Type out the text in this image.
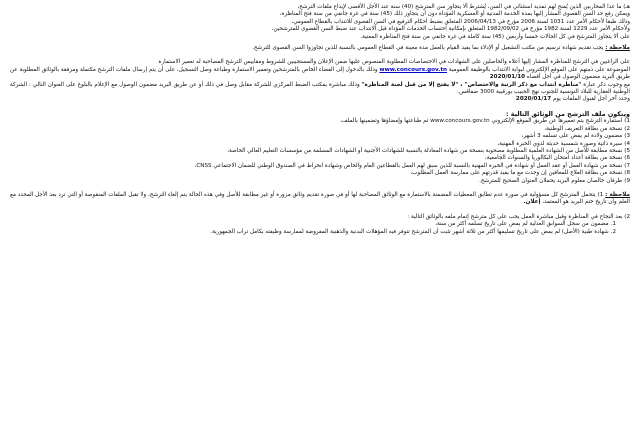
هـ) ما عدا المحاربين الذين يُمنح لهم تمديد استثنائي في السن، يُشترط ألا يتجاوز سن المترشح (40) سنة عند الأجل الأقصى لإيداع ملفات الترشح،

ويمكن رفع حد السن القصوى المشار إليها بمدة الخدمة المدنية أو العسكرية المؤداة دون أن يتجاوز ذلك (45) سنة في غرة جانفي من سنة فتح المناظرة،

وذلك طبقا لأحكام الأمر عدد 1031 لسنة 2006 مؤرخ في 2006/04/13 المتعلق بضبط أحكام الترفيع في السن القصوى للانتداب بالقطاع العمومي،

ولأحكام الأمر عدد 1229 لسنة 1982 مؤرخ في 1982/09/02 المتعلق بإمكانية احتساب الخدمات المؤداة قبل الانتداب عند ضبط السن القصوى للمترشحين،

على ألا يتجاوز المترشح في كل الحالات خمسا وأربعين (45) سنة كاملة في غرة جانفي من سنة فتح المناظرة المعنية.

ملاحظة : يجب تقديم شهادة ترسيم من مكتب التشغيل أو الإدلاء بما يفيد القيام بالعمل مدة معينة في القطاع العمومي بالنسبة للذين تجاوزوا السن القصوى للترشح.

على الراغبين في الترشح للمناظرة المشار إليها أعلاه والحاصلين على الشهادات في الاختصاصات المطلوبة المنصوص عليها ضمن الإعلان والمستجيبين للشروط ومقاييس الترشح المصاحبة له تعمير الاستمارة

الموضوعة على ذمتهم على الموقع الإلكتروني لبوابة الانتداب بالوظيفة العمومية www.concours.gov.tn وذلك بالدخول إلى الفضاء الخاص بالمترشحين وتعمير الاستمارة وطباعة وصل التسجيل، على أن يتم إرسال ملفات الترشح مكتملة ومرفقة بالوثائق المطلوبة عن طريق البريد مضمون الوصول في أجل أقصاه 2020/01/10

مع وجوب ذكر عبارة "مناظرة انتداب مع ذكر الرتبة والاختصاص" ، "لا يفتح إلا من قبل لجنة المناظرة" وذلك مباشرة بمكتب الضبط المركزي للشركة مقابل وصل في ذلك أو عن طريق البريد مضمون الوصول مع الإعلام بالبلوغ على العنوان التالي : الشركة الوطنية العقارية للبلاد التونسية للجنوب نهج الحبيب بورقيبة 3000 صفاقس.

وحدد آخر أجل لقبول الملفات يوم 2020/01/17

ويتكون ملف الترشح من الوثائق التالية :

1)استمارة الترشح يتم تعميرها عن طريق الموقع الإلكتروني www.concours.gov.tn ثم طباعتها وإمضاؤها وتضمينها بالملف،
2)نسخة من بطاقة التعريف الوطنية،
3)مضمون ولادة لم يمض على تسلمه 3 أشهر،
4)سيرة ذاتية وصورة شمسية حديثة لذوي الخبرة المهنية،
5)نسخة مطابقة للأصل من الشهادة العلمية المطلوبة مصحوبة بنسخة من شهادة المعادلة بالنسبة للشهادات الأجنبية أو الشهادات المسلمة من مؤسسات التعليم العالي الخاصة،
6)نسخة من بطاقة أعداد امتحان البكالوريا والسنوات الجامعية،
7)نسخة من شهادة العمل أو عقد العمل أو شهادة في الخبرة المهنية بالنسبة للذين سبق لهم العمل بالقطاعين العام والخاص وشهادة انخراط في الصندوق الوطني للضمان الاجتماعي CNSS،
8)نسخة من بطاقة العلاج للمعاقين إن وجدت مع ما يفيد قدرتهم على ممارسة العمل المطلوب،
9)ظرفان خالصان معلوم البريد يحملان العنوان الصحيح للمترشح.

ملاحظة : 1)يتحمل المترشح كل مسؤولية في صورة عدم تطابق المعطيات المضمنة بالاستمارة مع الوثائق المصاحبة لها أو في صورة تقديم وثائق مزورة أو غير مطابقة للأصل وفي هذه الحالة يتم إلغاء الترشح، ولا تقبل الملفات المنقوصة أو التي ترد بعد الأجل المحدد مع العلم وأن تاريخ ختم البريد هو المعتمد، إعلان.

2) بعد النجاح في المناظرة وقبل مباشرة العمل يجب على كل مترشح إتمام ملفه بالوثائق التالية :

1.مضمون من سجل السوابق العدلية لم يمض على تاريخ تسلمه أكثر من سنة،

2.شهادة طبية (الأصل) لم يمض على تاريخ تسليمها أكثر من ثلاثة أشهر تثبت أن المترشح تتوفر فيه المؤهلات البدنية والذهنية المفروضة لممارسة وظيفته بكامل تراب الجمهورية.
